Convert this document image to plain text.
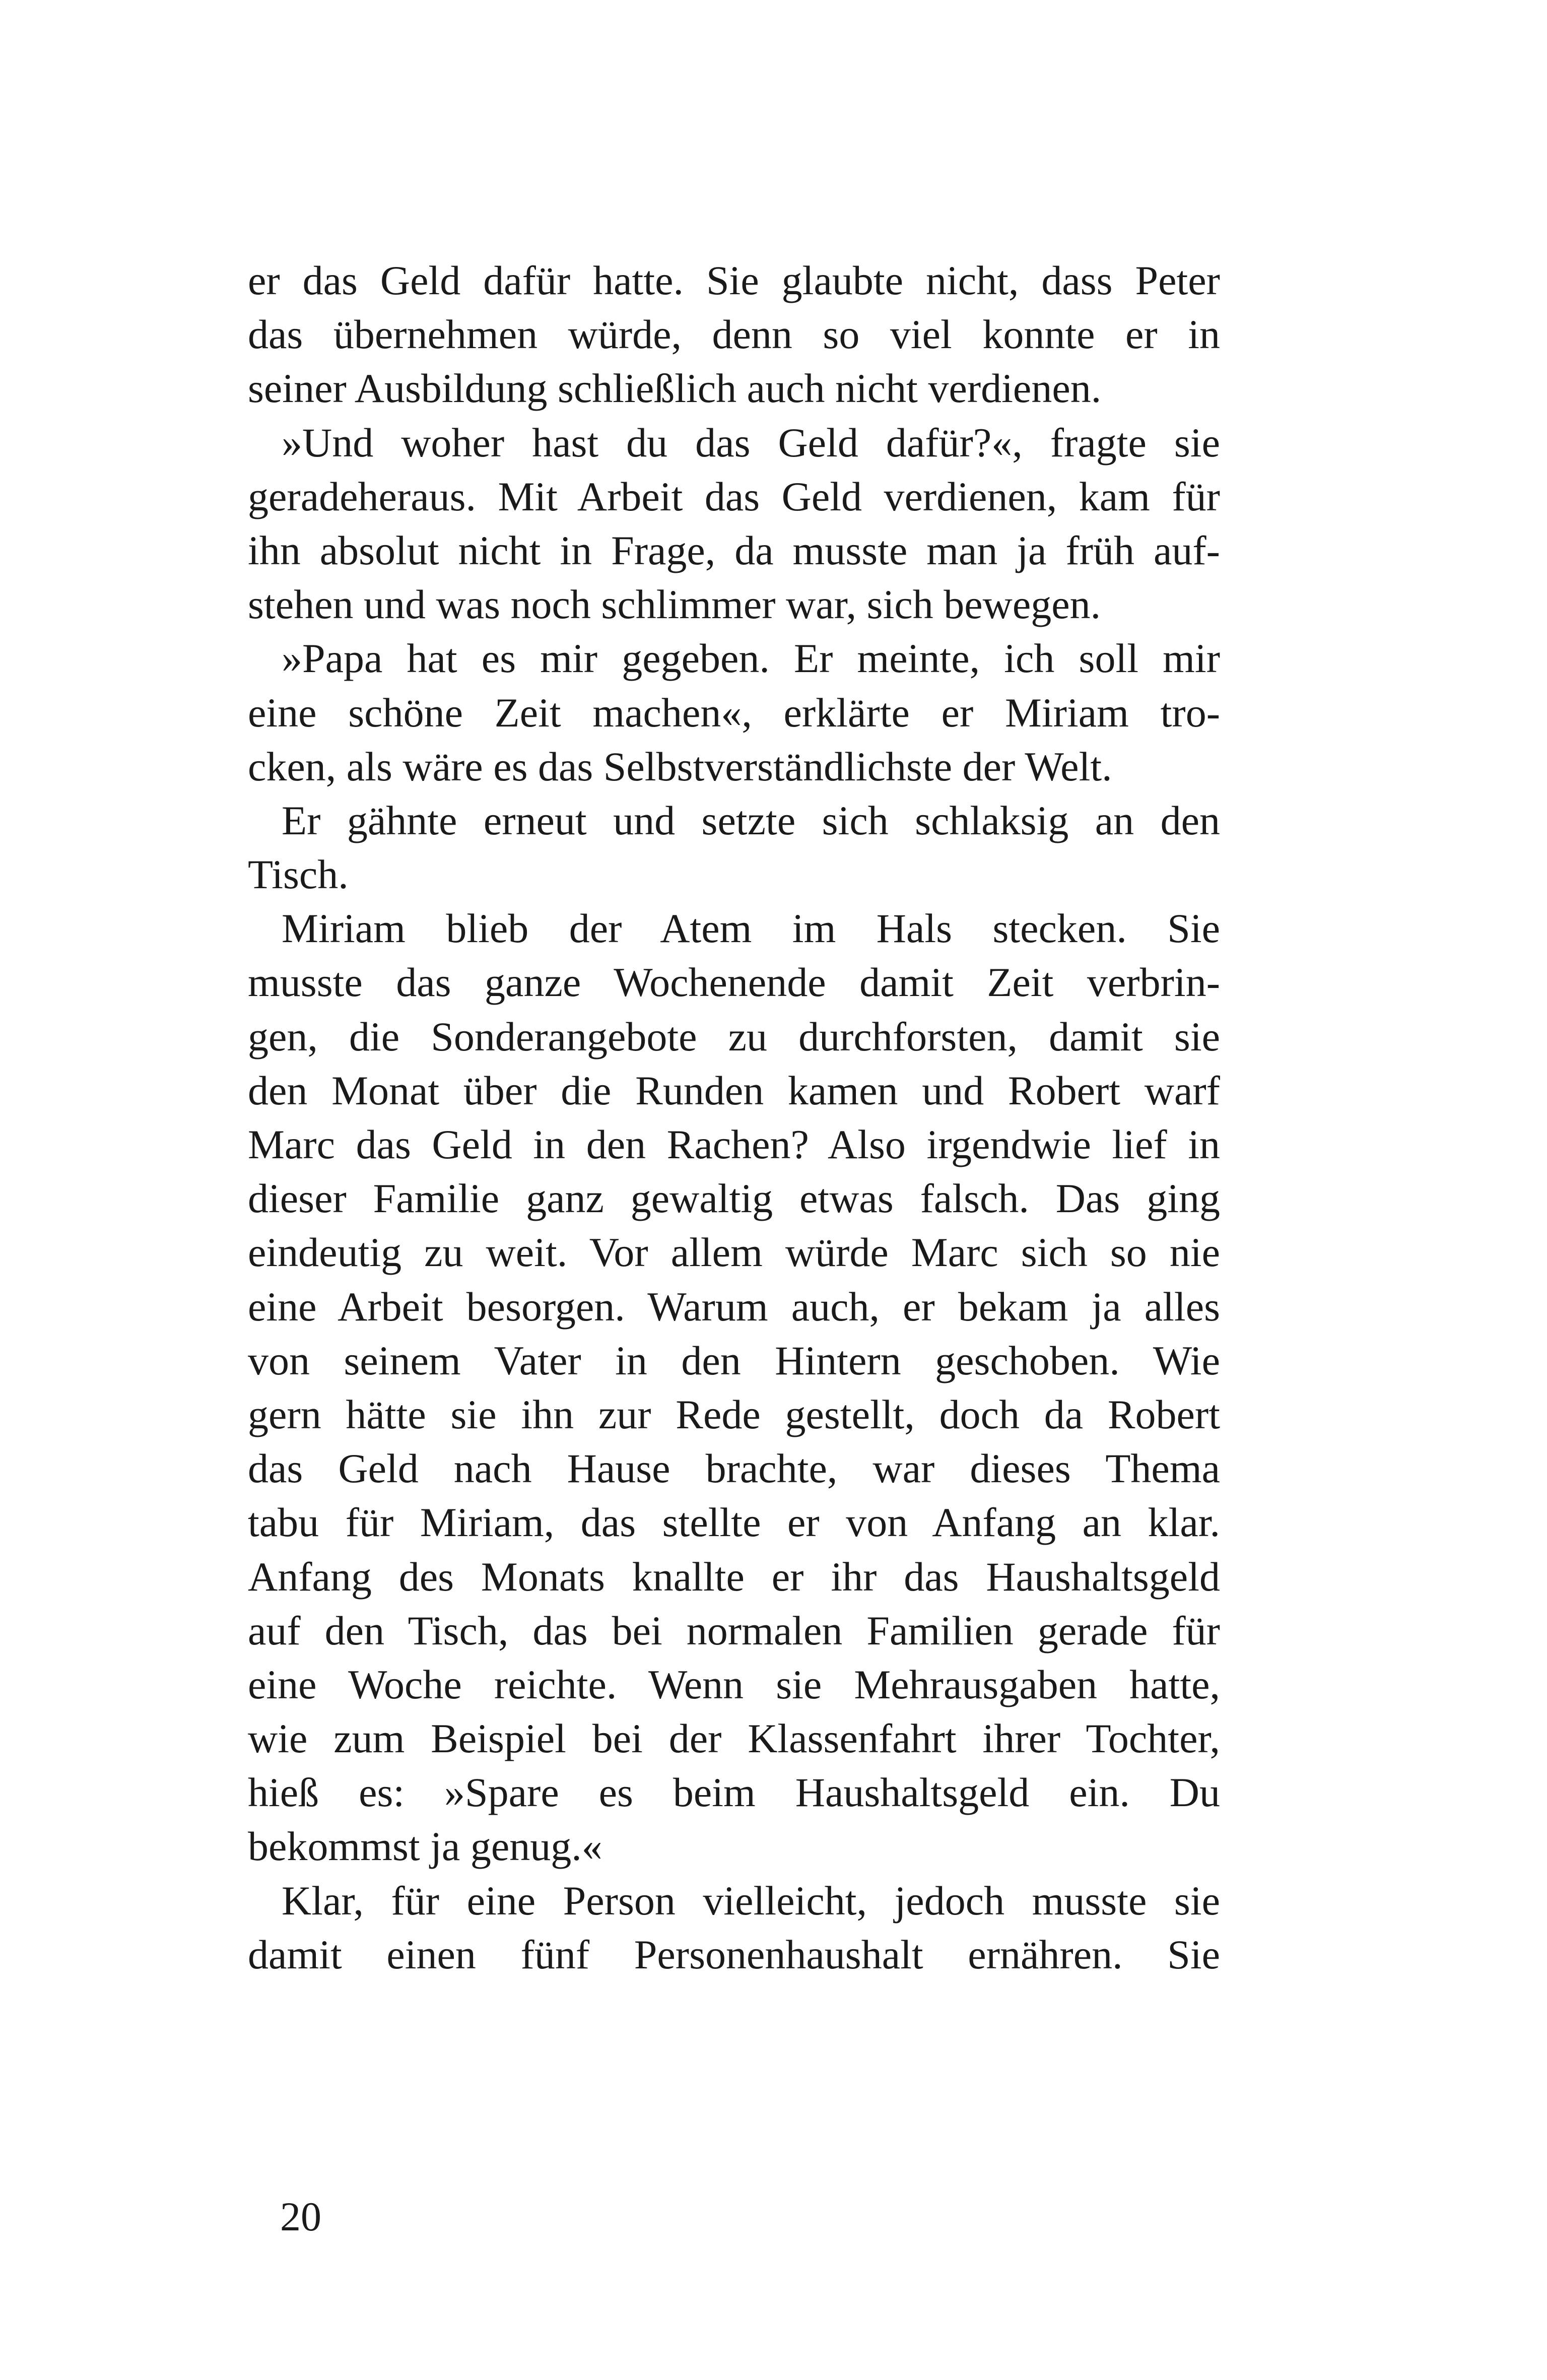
er das Geld dafür hatte. Sie glaubte nicht, dass Peter
das übernehmen würde, denn so viel konnte er in
seiner Ausbildung schließlich auch nicht verdienen.
»Und woher hast du das Geld dafür?«, fragte sie
geradeheraus. Mit Arbeit das Geld verdienen, kam für
ihn absolut nicht in Frage, da musste man ja früh auf-
stehen und was noch schlimmer war, sich bewegen.
»Papa hat es mir gegeben. Er meinte, ich soll mir
eine schöne Zeit machen«, erklärte er Miriam tro-
cken, als wäre es das Selbstverständlichste der Welt.
Er gähnte erneut und setzte sich schlaksig an den
Tisch.
Miriam blieb der Atem im Hals stecken. Sie
musste das ganze Wochenende damit Zeit verbrin-
gen, die Sonderangebote zu durchforsten, damit sie
den Monat über die Runden kamen und Robert warf
Marc das Geld in den Rachen? Also irgendwie lief in
dieser Familie ganz gewaltig etwas falsch. Das ging
eindeutig zu weit. Vor allem würde Marc sich so nie
eine Arbeit besorgen. Warum auch, er bekam ja alles
von seinem Vater in den Hintern geschoben. Wie
gern hätte sie ihn zur Rede gestellt, doch da Robert
das Geld nach Hause brachte, war dieses Thema
tabu für Miriam, das stellte er von Anfang an klar.
Anfang des Monats knallte er ihr das Haushaltsgeld
auf den Tisch, das bei normalen Familien gerade für
eine Woche reichte. Wenn sie Mehrausgaben hatte,
wie zum Beispiel bei der Klassenfahrt ihrer Tochter,
hieß es: »Spare es beim Haushaltsgeld ein. Du
bekommst ja genug.«
Klar, für eine Person vielleicht, jedoch musste sie
damit einen fünf Personenhaushalt ernähren. Sie
20
